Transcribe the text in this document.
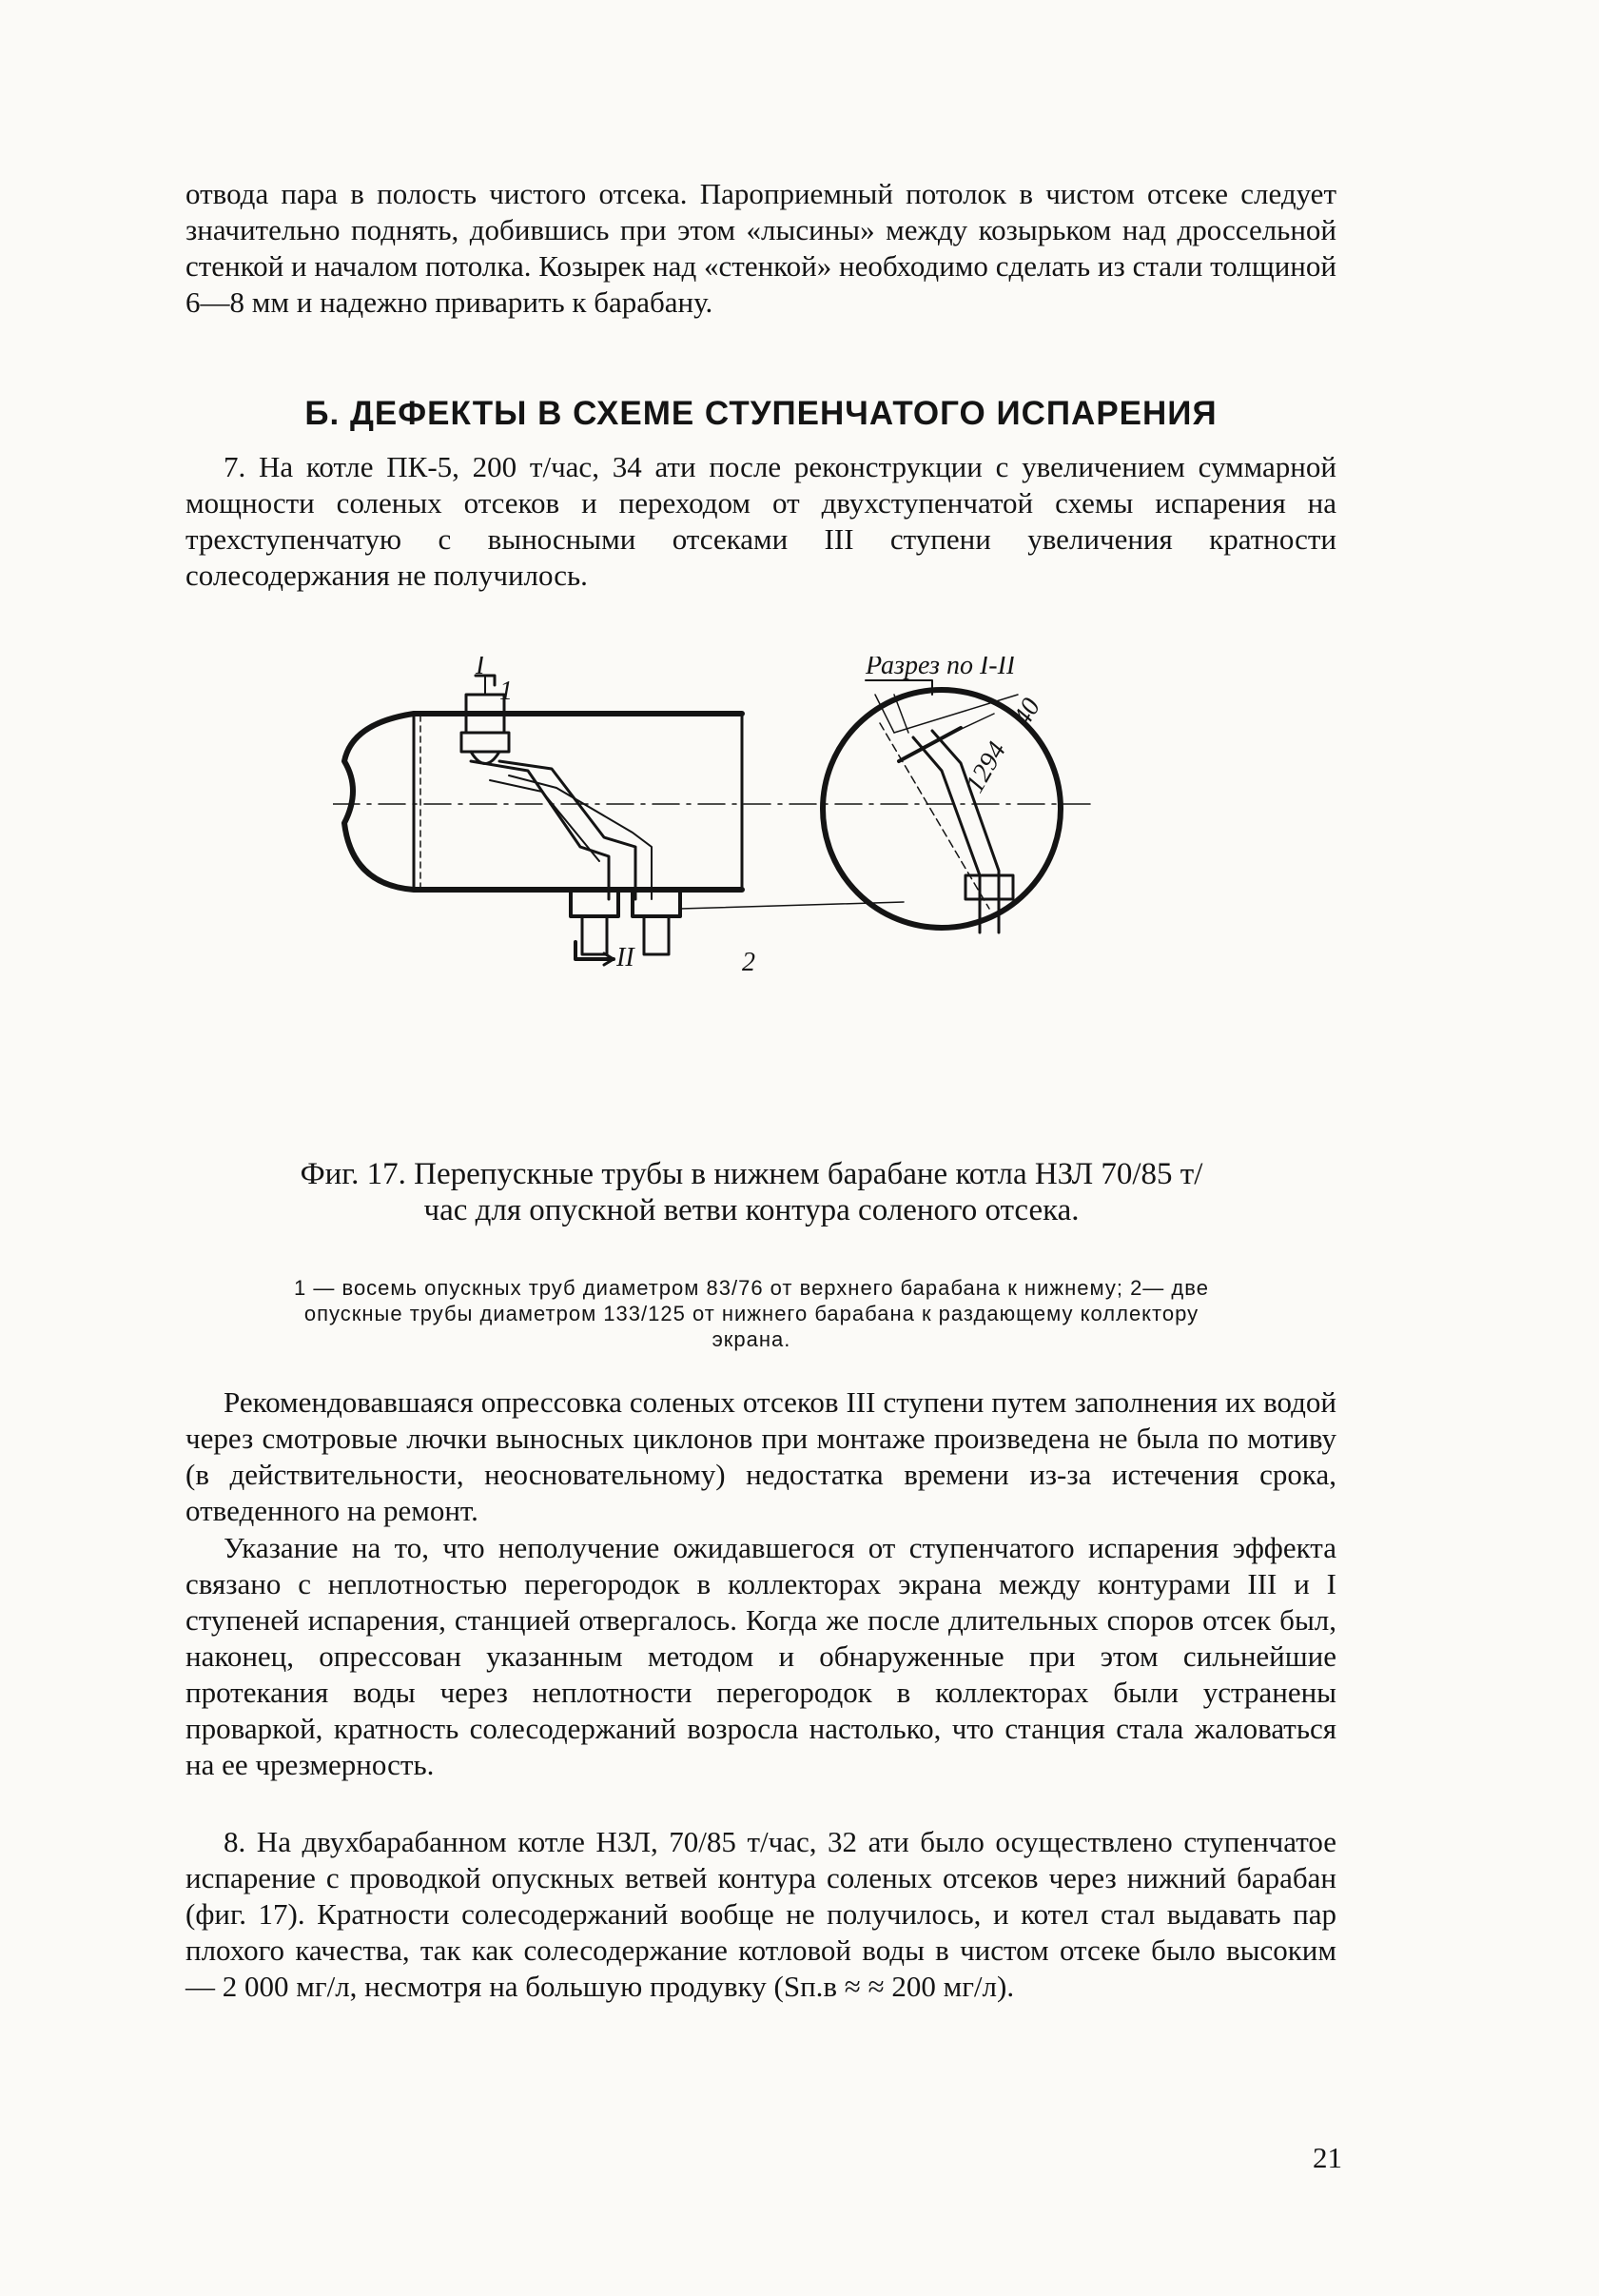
отвода пара в полость чистого отсека. Пароприемный потолок в чистом отсеке следует значительно поднять, добившись при этом «лысины» между козырьком над дроссельной стенкой и началом потолка. Козырек над «стенкой» необходимо сделать из стали толщиной 6—8 мм и надежно приварить к барабану.

Б. ДЕФЕКТЫ В СХЕМЕ СТУПЕНЧАТОГО ИСПАРЕНИЯ

7. На котле ПК-5, 200 т/час, 34 ати после реконструкции с увеличением суммарной мощности соленых отсеков и переходом от двухступенчатой схемы испарения на трехступенчатую с выносными отсеками III ступени увеличения кратности солесодержания не получилось.

I
1
II	2
Разрез по I-II
40
1294

Фиг. 17. Перепускные трубы в нижнем барабане котла НЗЛ 70/85 т/час для опускной ветви контура соленого отсека.

1 — восемь опускных труб диаметром 83/76 от верхнего барабана к нижнему; 2— две опускные трубы диаметром 133/125 от нижнего барабана к раздающему коллектору экрана.

Рекомендовавшаяся опрессовка соленых отсеков III ступени путем заполнения их водой через смотровые лючки выносных циклонов при монтаже произведена не была по мотиву (в действительности, неосновательному) недостатка времени из-за истечения срока, отведенного на ремонт.

Указание на то, что неполучение ожидавшегося от ступенчатого испарения эффекта связано с неплотностью перегородок в коллекторах экрана между контурами III и I ступеней испарения, станцией отвергалось. Когда же после длительных споров отсек был, наконец, опрессован указанным методом и обнаруженные при этом сильнейшие протекания воды через неплотности перегородок в коллекторах были устранены проваркой, кратность солесодержаний возросла настолько, что станция стала жаловаться на ее чрезмерность.

8. На двухбарабанном котле НЗЛ, 70/85 т/час, 32 ати было осуществлено ступенчатое испарение с проводкой опускных ветвей контура соленых отсеков через нижний барабан (фиг. 17). Кратности солесодержаний вообще не получилось, и котел стал выдавать пар плохого качества, так как солесодержание котловой воды в чистом отсеке было высоким — 2 000 мг/л, несмотря на большую продувку (Sп.в ≈ ≈ 200 мг/л).

21
